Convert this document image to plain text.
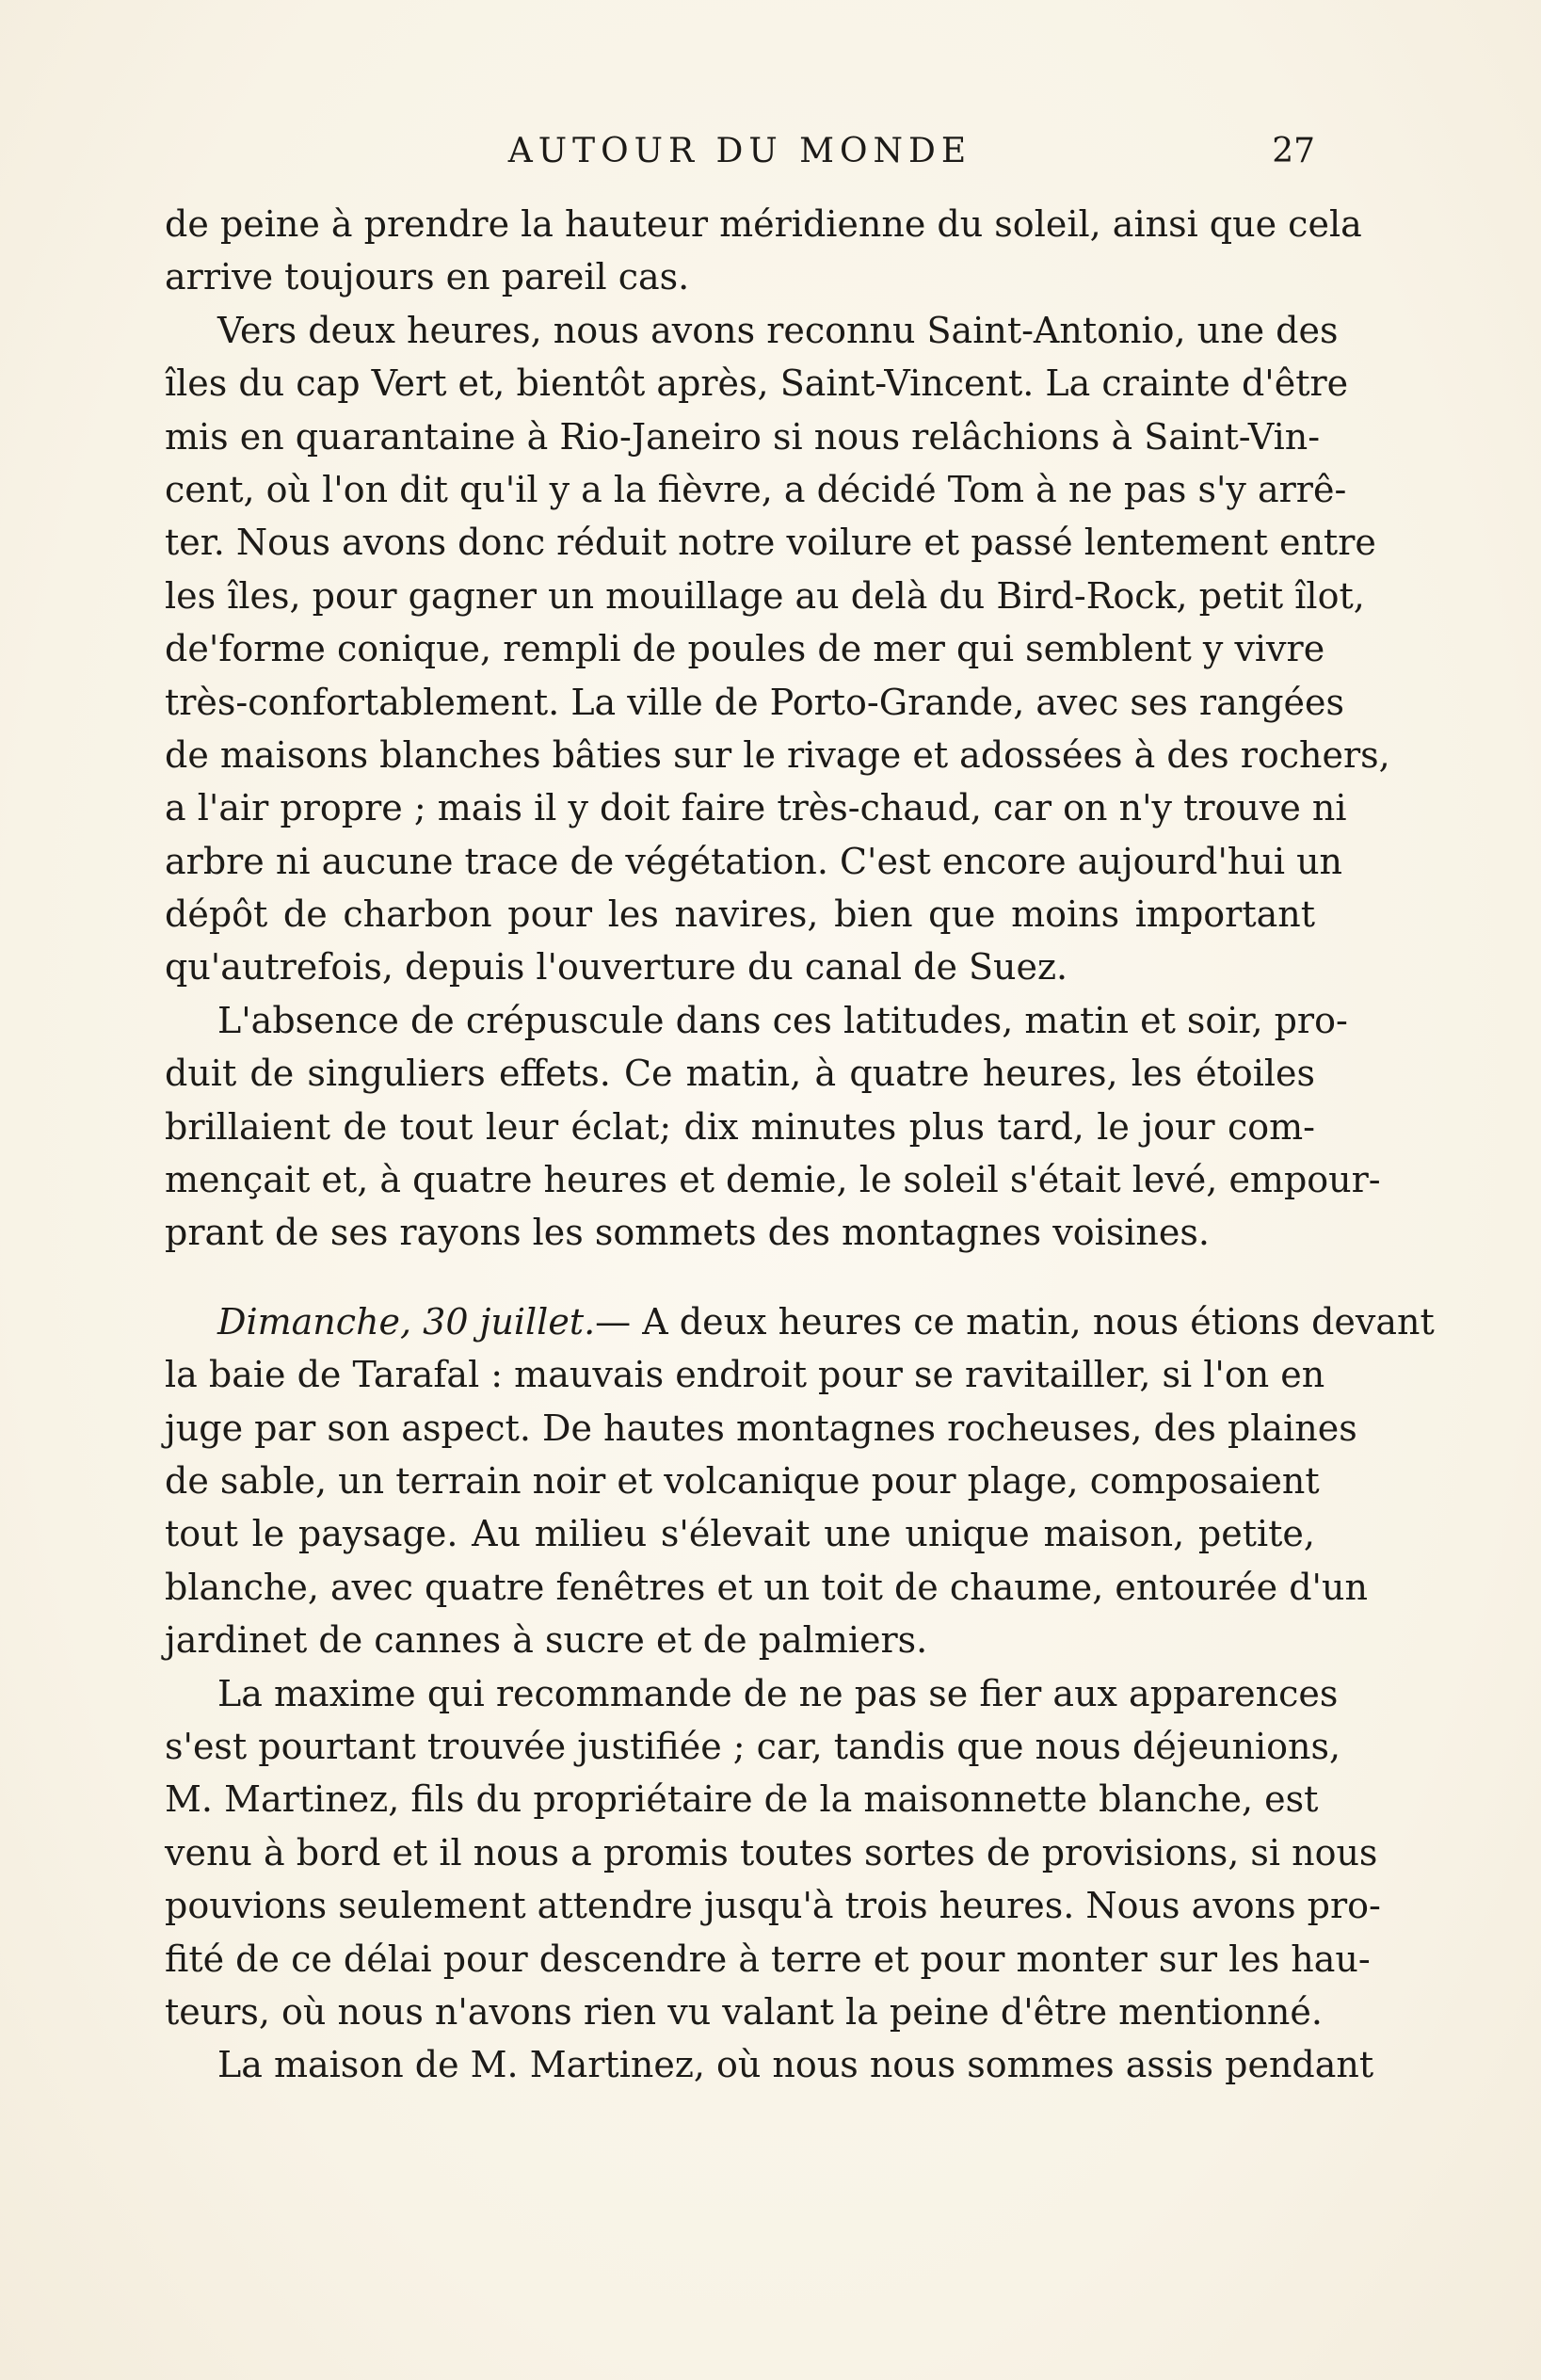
AUTOUR DU MONDE	27
de peine à prendre la hauteur méridienne du soleil, ainsi que cela
arrive toujours en pareil cas.
Vers deux heures, nous avons reconnu Saint-Antonio, une des
îles du cap Vert et, bientôt après, Saint-Vincent. La crainte d'être
mis en quarantaine à Rio-Janeiro si nous relâchions à Saint-Vin-
cent, où l'on dit qu'il y a la fièvre, a décidé Tom à ne pas s'y arrê-
ter. Nous avons donc réduit notre voilure et passé lentement entre
les îles, pour gagner un mouillage au delà du Bird-Rock, petit îlot,
de'forme conique, rempli de poules de mer qui semblent y vivre
très-confortablement. La ville de Porto-Grande, avec ses rangées
de maisons blanches bâties sur le rivage et adossées à des rochers,
a l'air propre ; mais il y doit faire très-chaud, car on n'y trouve ni
arbre ni aucune trace de végétation. C'est encore aujourd'hui un
dépôt de charbon pour les navires, bien que moins important
qu'autrefois, depuis l'ouverture du canal de Suez.
L'absence de crépuscule dans ces latitudes, matin et soir, pro-
duit de singuliers effets. Ce matin, à quatre heures, les étoiles
brillaient de tout leur éclat; dix minutes plus tard, le jour com-
mençait et, à quatre heures et demie, le soleil s'était levé, empour-
prant de ses rayons les sommets des montagnes voisines.
Dimanche, 30 juillet.— A deux heures ce matin, nous étions devant
la baie de Tarafal : mauvais endroit pour se ravitailler, si l'on en
juge par son aspect. De hautes montagnes rocheuses, des plaines
de sable, un terrain noir et volcanique pour plage, composaient
tout le paysage. Au milieu s'élevait une unique maison, petite,
blanche, avec quatre fenêtres et un toit de chaume, entourée d'un
jardinet de cannes à sucre et de palmiers.
La maxime qui recommande de ne pas se fier aux apparences
s'est pourtant trouvée justifiée ; car, tandis que nous déjeunions,
M. Martinez, fils du propriétaire de la maisonnette blanche, est
venu à bord et il nous a promis toutes sortes de provisions, si nous
pouvions seulement attendre jusqu'à trois heures. Nous avons pro-
fité de ce délai pour descendre à terre et pour monter sur les hau-
teurs, où nous n'avons rien vu valant la peine d'être mentionné.
La maison de M. Martinez, où nous nous sommes assis pendant
